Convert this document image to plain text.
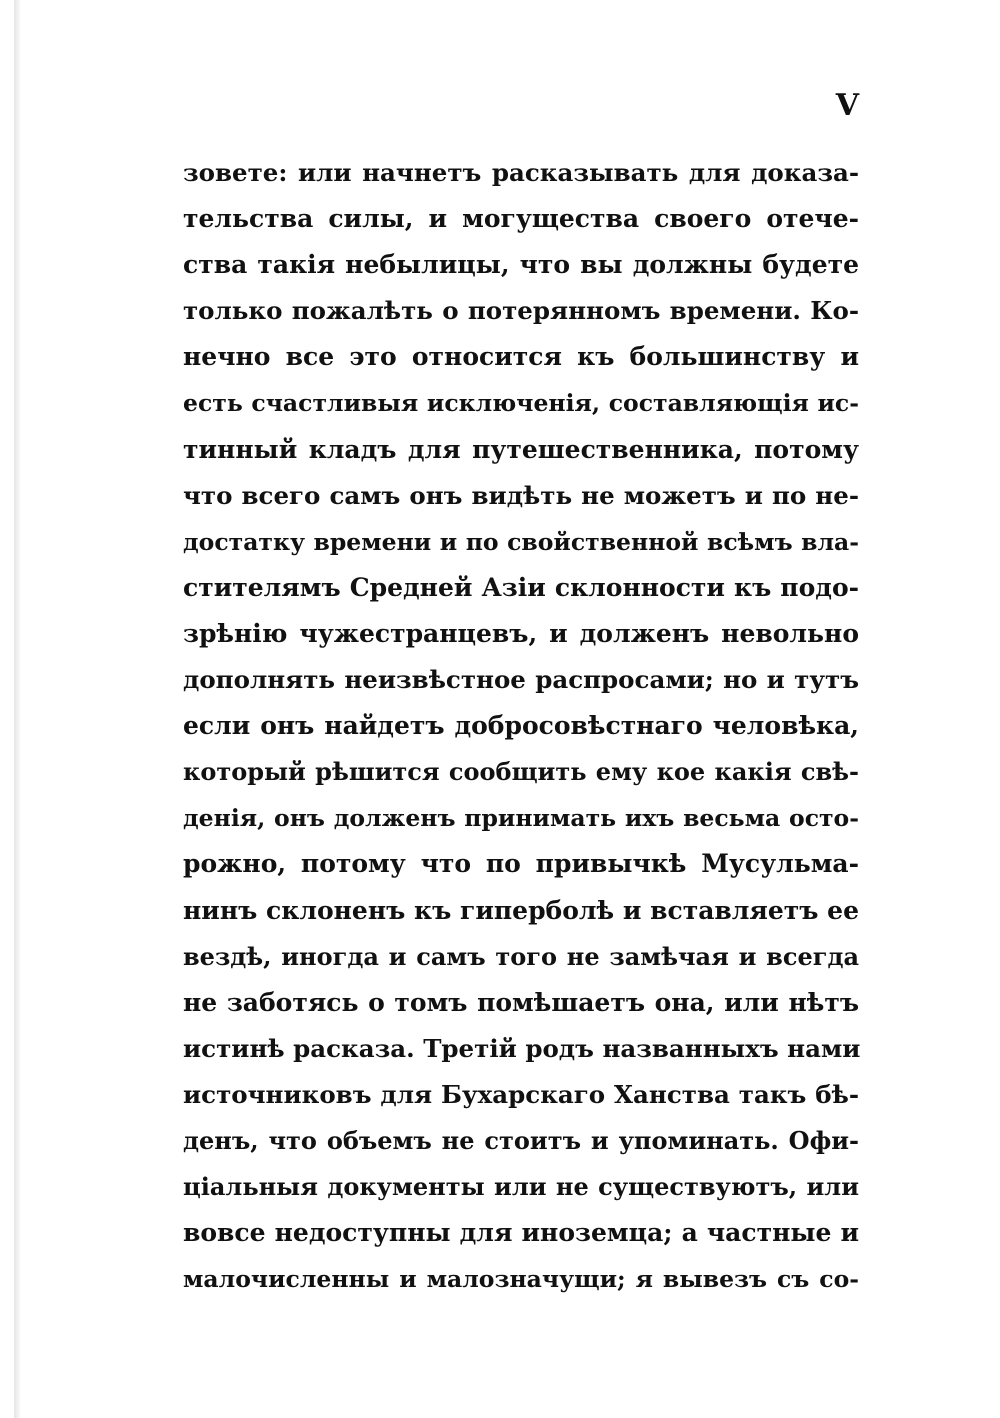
V
зовете: или начнетъ расказывать для доказа-
тельства силы, и могущества своего отече-
ства такія небылицы, что вы должны будете
только пожалѣть о потерянномъ времени. Ко-
нечно все это относится къ большинству и
есть счастливыя исключенія, составляющія ис-
тинный кладъ для путешественника, потому
что всего самъ онъ видѣть не можетъ и по не-
достатку времени и по свойственной всѣмъ вла-
стителямъ Средней Азіи склонности къ подо-
зрѣнію чужестранцевъ, и долженъ невольно
дополнять неизвѣстное распросами; но и тутъ
если онъ найдетъ добросовѣстнаго человѣка,
который рѣшится сообщить ему кое какія свѣ-
денія, онъ долженъ принимать ихъ весьма осто-
рожно, потому что по привычкѣ Мусульма-
нинъ склоненъ къ гиперболѣ и вставляетъ ее
вездѣ, иногда и самъ того не замѣчая и всегда
не заботясь о томъ помѣшаетъ она, или нѣтъ
истинѣ расказа. Третій родъ названныхъ нами
источниковъ для Бухарскаго Ханства такъ бѣ-
денъ, что объемъ не стоитъ и упоминать. Офи-
ціальныя документы или не существуютъ, или
вовсе недоступны для иноземца; а частные и
малочисленны и малозначущи; я вывезъ съ со-
